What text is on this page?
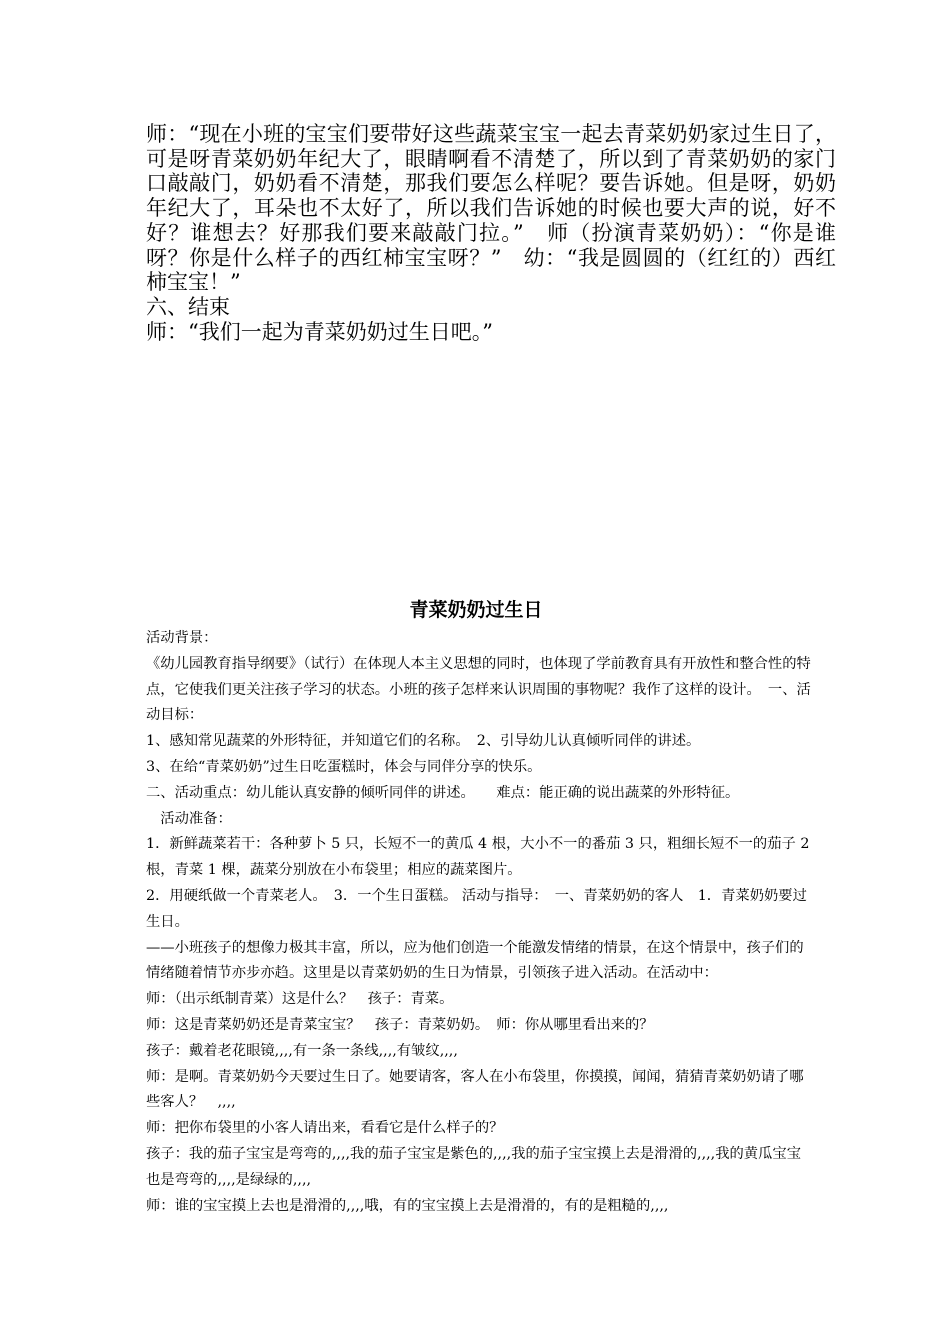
师：“现在小班的宝宝们要带好这些蔬菜宝宝一起去青菜奶奶家过生日了，可是呀青菜奶奶年纪大了，眼睛啊看不清楚了，所以到了青菜奶奶的家门口敲敲门，奶奶看不清楚，那我们要怎么样呢？要告诉她。但是呀，奶奶年纪大了，耳朵也不太好了，所以我们告诉她的时候也要大声的说，好不好？谁想去？好那我们要来敲敲门拉。”　师（扮演青菜奶奶）：“你是谁呀？你是什么样子的西红柿宝宝呀？”　幼：“我是圆圆的（红红的）西红柿宝宝！”

六、结束

师：“我们一起为青菜奶奶过生日吧。”

青菜奶奶过生日

活动背景：

《幼儿园教育指导纲要》（试行）在体现人本主义思想的同时，也体现了学前教育具有开放性和整合性的特点，它使我们更关注孩子学习的状态。小班的孩子怎样来认识周围的事物呢？我作了这样的设计。　一、活动目标：

1、感知常见蔬菜的外形特征，并知道它们的名称。　2、引导幼儿认真倾听同伴的讲述。

3、在给“青菜奶奶”过生日吃蛋糕时，体会与同伴分享的快乐。

二、活动重点：幼儿能认真安静的倾听同伴的讲述。　　难点：能正确的说出蔬菜的外形特征。

　活动准备：

1．新鲜蔬菜若干：各种萝卜 5 只，长短不一的黄瓜 4 根，大小不一的番茄 3 只，粗细长短不一的茄子 2 根，青菜 1 棵，蔬菜分别放在小布袋里；相应的蔬菜图片。

2．用硬纸做一个青菜老人。　3．一个生日蛋糕。 活动与指导：　一、青菜奶奶的客人　1．青菜奶奶要过生日。

——小班孩子的想像力极其丰富，所以，应为他们创造一个能激发情绪的情景，在这个情景中，孩子们的情绪随着情节亦步亦趋。这里是以青菜奶奶的生日为情景，引领孩子进入活动。在活动中：

师：（出示纸制青菜）这是什么？　孩子：青菜。

师：这是青菜奶奶还是青菜宝宝？　孩子：青菜奶奶。　师：你从哪里看出来的？

孩子：戴着老花眼镜,,,,有一条一条线,,,,有皱纹,,,,

师：是啊。青菜奶奶今天要过生日了。她要请客，客人在小布袋里，你摸摸，闻闻，猜猜青菜奶奶请了哪些客人？　,,,,

师：把你布袋里的小客人请出来，看看它是什么样子的？

孩子：我的茄子宝宝是弯弯的,,,,我的茄子宝宝是紫色的,,,,我的茄子宝宝摸上去是滑滑的,,,,我的黄瓜宝宝也是弯弯的,,,,是绿绿的,,,,

师：谁的宝宝摸上去也是滑滑的,,,,哦，有的宝宝摸上去是滑滑的，有的是粗糙的,,,,
